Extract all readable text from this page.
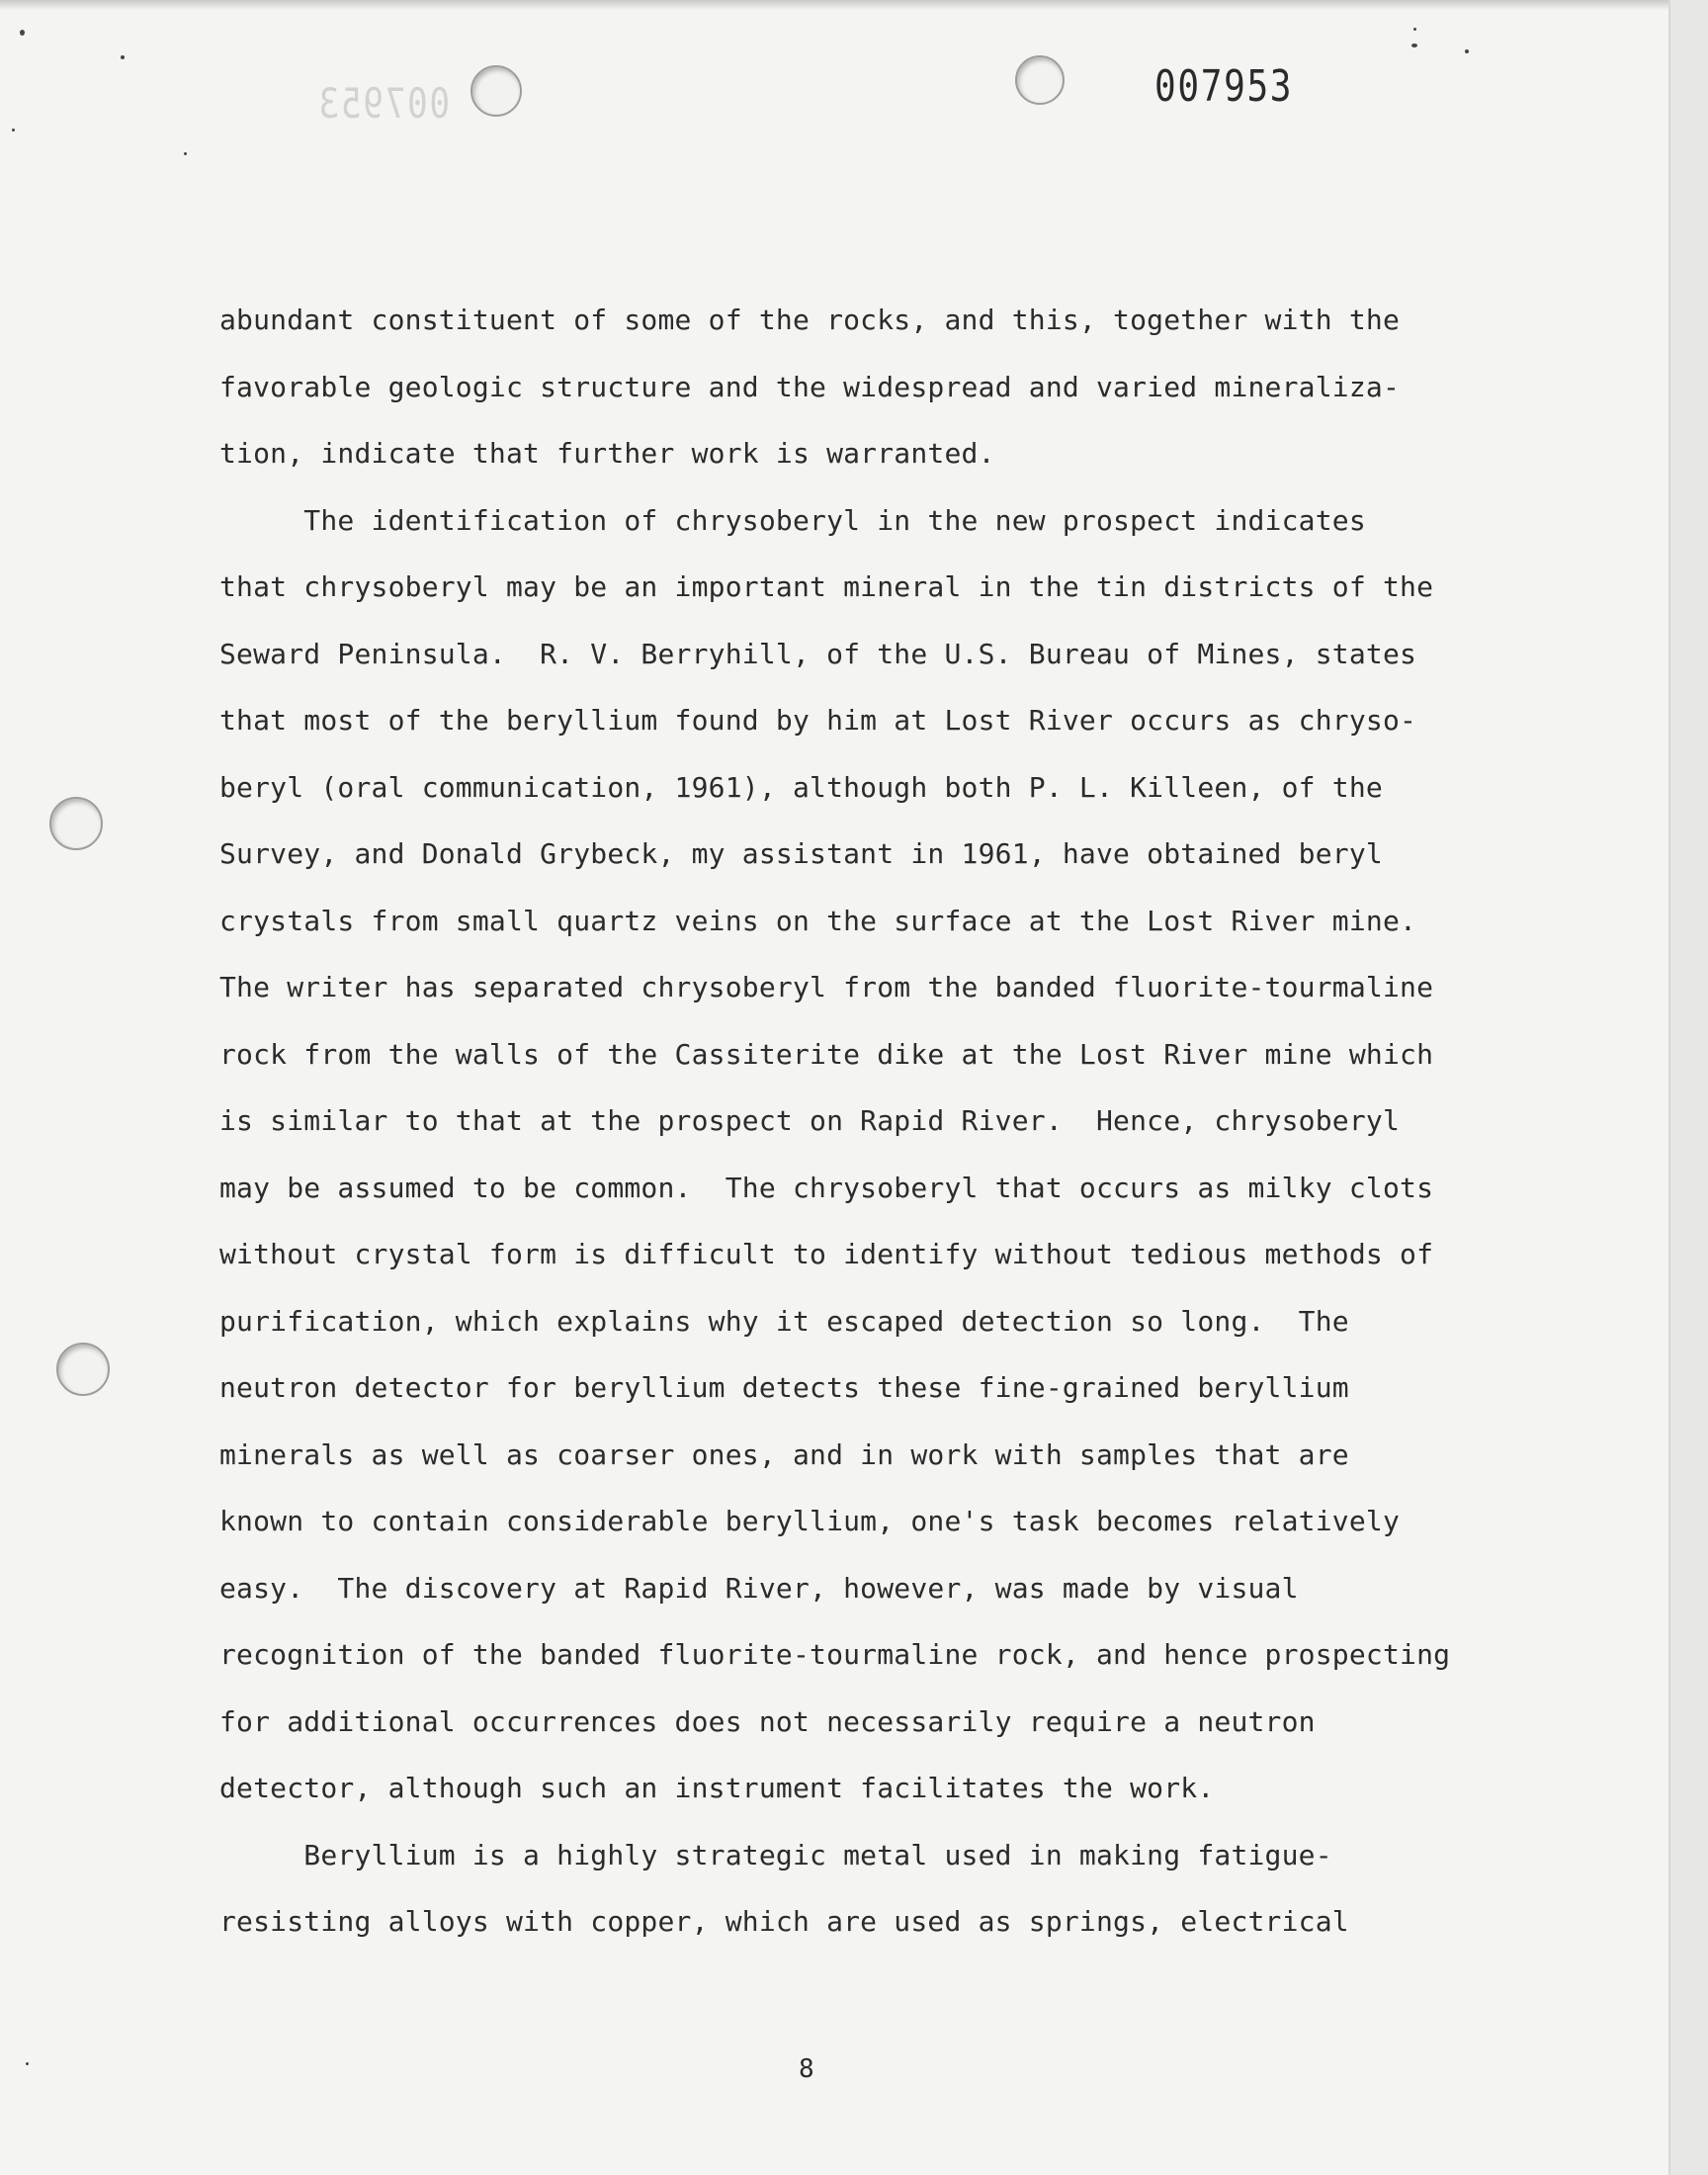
007953	007953
abundant constituent of some of the rocks, and this, together with the
favorable geologic structure and the widespread and varied mineraliza-
tion, indicate that further work is warranted.
The identification of chrysoberyl in the new prospect indicates
that chrysoberyl may be an important mineral in the tin districts of the
Seward Peninsula.  R. V. Berryhill, of the U.S. Bureau of Mines, states
that most of the beryllium found by him at Lost River occurs as chryso-
beryl (oral communication, 1961), although both P. L. Killeen, of the
Survey, and Donald Grybeck, my assistant in 1961, have obtained beryl
crystals from small quartz veins on the surface at the Lost River mine.
The writer has separated chrysoberyl from the banded fluorite-tourmaline
rock from the walls of the Cassiterite dike at the Lost River mine which
is similar to that at the prospect on Rapid River.  Hence, chrysoberyl
may be assumed to be common.  The chrysoberyl that occurs as milky clots
without crystal form is difficult to identify without tedious methods of
purification, which explains why it escaped detection so long.  The
neutron detector for beryllium detects these fine-grained beryllium
minerals as well as coarser ones, and in work with samples that are
known to contain considerable beryllium, one's task becomes relatively
easy.  The discovery at Rapid River, however, was made by visual
recognition of the banded fluorite-tourmaline rock, and hence prospecting
for additional occurrences does not necessarily require a neutron
detector, although such an instrument facilitates the work.
Beryllium is a highly strategic metal used in making fatigue-
resisting alloys with copper, which are used as springs, electrical
8
